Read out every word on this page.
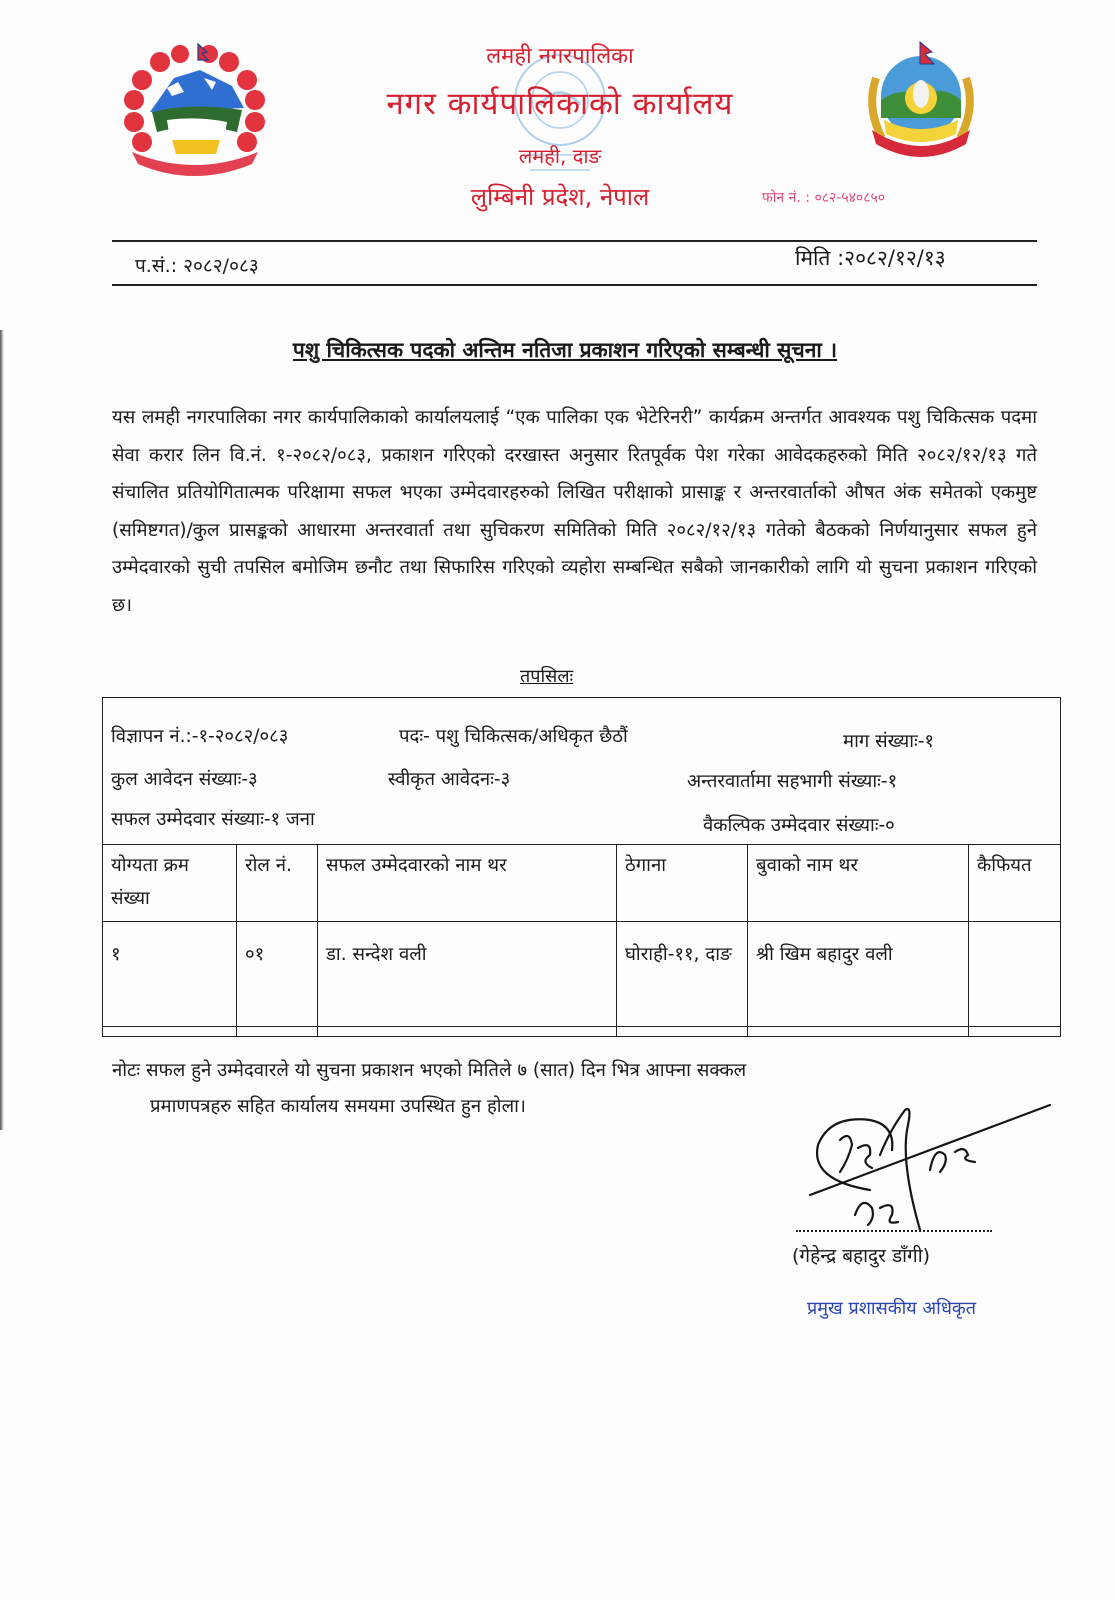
लमही नगरपालिका
नगर कार्यपालिकाको कार्यालय
लमही, दाङ
लुम्बिनी प्रदेश, नेपाल	फोन नं. : ०८२-५४०८५०
प.सं.: २०८२/०८३	मिति :२०८२/१२/१३
पशु चिकित्सक पदको अन्तिम नतिजा प्रकाशन गरिएको सम्बन्धी सूचना ।
यस लमही नगरपालिका नगर कार्यपालिकाको कार्यालयलाई “एक पालिका एक भेटेरिनरी” कार्यक्रम अन्तर्गत आवश्यक पशु चिकित्सक पदमा सेवा करार लिन वि.नं. १-२०८२/०८३, प्रकाशन गरिएको दरखास्त अनुसार रितपूर्वक पेश गरेका आवेदकहरुको मिति २०८२/१२/१३ गते संचालित प्रतियोगितात्मक परिक्षामा सफल भएका उम्मेदवारहरुको लिखित परीक्षाको प्रासाङ्क र अन्तरवार्ताको औषत अंक समेतको एकमुष्ट (समिष्टगत)/कुल प्रासङ्कको आधारमा अन्तरवार्ता तथा सुचिकरण समितिको मिति २०८२/१२/१३ गतेको बैठकको निर्णयानुसार सफल हुने उम्मेदवारको सुची तपसिल बमोजिम छनौट तथा सिफारिस गरिएको व्यहोरा सम्बन्धित सबैको जानकारीको लागि यो सुचना प्रकाशन गरिएको छ।
तपसिलः
विज्ञापन नं.:-१-२०८२/०८३	पदः- पशु चिकित्सक/अधिकृत छैठौं	माग संख्याः-१
कुल आवेदन संख्याः-३	स्वीकृत आवेदनः-३	अन्तरवार्तामा सहभागी संख्याः-१
सफल उम्मेदवार संख्याः-१ जना	वैकल्पिक उम्मेदवार संख्याः-०
योग्यता क्रम संख्या	रोल नं.	सफल उम्मेदवारको नाम थर	ठेगाना	बुवाको नाम थर	कैफियत
१	०१	डा. सन्देश वली	घोराही-११, दाङ	श्री खिम बहादुर वली	
नोटः सफल हुने उम्मेदवारले यो सुचना प्रकाशन भएको मितिले ७ (सात) दिन भित्र आफ्ना सक्कल
प्रमाणपत्रहरु सहित कार्यालय समयमा उपस्थित हुन होला।
(गेहेन्द्र बहादुर डाँगी)
प्रमुख प्रशासकीय अधिकृत
